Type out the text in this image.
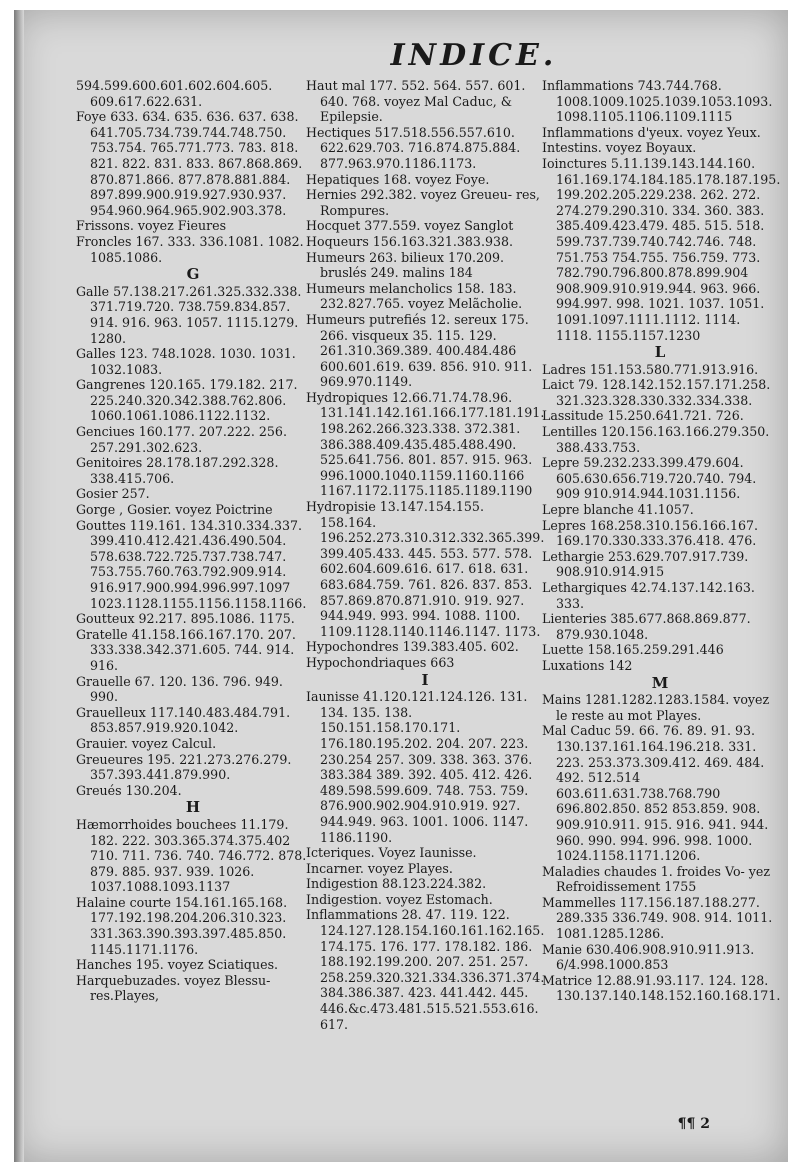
INDICE.
594.599.600.601.602.604.605. 609.617.622.631.
Foye 633. 634. 635. 636. 637. 638. 641.705.734.739.744.748.750. 753.754. 765.771.773. 783. 818. 821. 822. 831. 833. 867.868.869. 870.871.866. 877.878.881.884. 897.899.900.919.927.930.937. 954.960.964.965.902.903.378.
Frissons. voyez Fieures
Froncles 167. 333. 336.1081. 1082. 1085.1086.
G
Galle 57.138.217.261.325.332.338. 371.719.720. 738.759.834.857. 914. 916. 963. 1057. 1115.1279. 1280.
Galles 123. 748.1028. 1030. 1031. 1032.1083.
Gangrenes 120.165. 179.182. 217. 225.240.320.342.388.762.806. 1060.1061.1086.1122.1132.
Genciues 160.177. 207.222. 256. 257.291.302.623.
Genitoires 28.178.187.292.328. 338.415.706.
Gosier 257.
Gorge , Gosier. voyez Poictrine
Gouttes 119.161. 134.310.334.337. 399.410.412.421.436.490.504. 578.638.722.725.737.738.747. 753.755.760.763.792.909.914. 916.917.900.994.996.997.1097 1023.1128.1155.1156.1158.1166.
Goutteux 92.217. 895.1086. 1175.
Gratelle 41.158.166.167.170. 207. 333.338.342.371.605. 744. 914. 916.
Grauelle 67. 120. 136. 796. 949. 990.
Grauelleux 117.140.483.484.791. 853.857.919.920.1042.
Grauier. voyez Calcul.
Greueures 195. 221.273.276.279. 357.393.441.879.990.
Greués 130.204.
H
Hæmorrhoides bouchees 11.179. 182. 222. 303.365.374.375.402 710. 711. 736. 740. 746.772. 878. 879. 885. 937. 939. 1026. 1037.1088.1093.1137
Halaine courte 154.161.165.168. 177.192.198.204.206.310.323. 331.363.390.393.397.485.850. 1145.1171.1176.
Hanches 195. voyez Sciatiques.
Harquebuzades. voyez Blessu- res.Playes,
Haut mal 177. 552. 564. 557. 601. 640. 768. voyez Mal Caduc, & Epilepsie.
Hectiques 517.518.556.557.610. 622.629.703. 716.874.875.884. 877.963.970.1186.1173.
Hepatiques 168. voyez Foye.
Hernies 292.382. voyez Greueu- res, Rompures.
Hocquet 377.559. voyez Sanglot
Hoqueurs 156.163.321.383.938.
Humeurs 263. bilieux 170.209. bruslés 249. malins 184
Humeurs melancholics 158. 183. 232.827.765. voyez Melãcholie.
Humeurs putrefiés 12. sereux 175. 266. visqueux 35. 115. 129. 261.310.369.389. 400.484.486 600.601.619. 639. 856. 910. 911. 969.970.1149.
Hydropiques 12.66.71.74.78.96. 131.141.142.161.166.177.181.191. 198.262.266.323.338. 372.381. 386.388.409.435.485.488.490. 525.641.756. 801. 857. 915. 963. 996.1000.1040.1159.1160.1166 1167.1172.1175.1185.1189.1190
Hydropisie 13.147.154.155. 158.164. 196.252.273.310.312.332.365.399. 399.405.433. 445. 553. 577. 578. 602.604.609.616. 617. 618. 631. 683.684.759. 761. 826. 837. 853. 857.869.870.871.910. 919. 927. 944.949. 993. 994. 1088. 1100. 1109.1128.1140.1146.1147. 1173.
Hypochondres 139.383.405. 602.
Hypochondriaques 663
I
Iaunisse 41.120.121.124.126. 131. 134. 135. 138. 150.151.158.170.171. 176.180.195.202. 204. 207. 223. 230.254 257. 309. 338. 363. 376. 383.384 389. 392. 405. 412. 426. 489.598.599.609. 748. 753. 759. 876.900.902.904.910.919. 927. 944.949. 963. 1001. 1006. 1147. 1186.1190.
Icteriques. Voyez Iaunisse.
Incarner. voyez Playes.
Indigestion 88.123.224.382.
Indigestion. voyez Estomach.
Inflammations 28. 47. 119. 122. 124.127.128.154.160.161.162.165. 174.175. 176. 177. 178.182. 186. 188.192.199.200. 207. 251. 257. 258.259.320.321.334.336.371.374. 384.386.387. 423. 441.442. 445. 446.&c.473.481.515.521.553.616. 617.
Inflammations 743.744.768. 1008.1009.1025.1039.1053.1093. 1098.1105.1106.1109.1115
Inflammations d'yeux. voyez Yeux.
Intestins. voyez Boyaux.
Ioinctures 5.11.139.143.144.160. 161.169.174.184.185.178.187.195. 199.202.205.229.238. 262. 272. 274.279.290.310. 334. 360. 383. 385.409.423.479. 485. 515. 518. 599.737.739.740.742.746. 748. 751.753 754.755. 756.759. 773. 782.790.796.800.878.899.904 908.909.910.919.944. 963. 966. 994.997. 998. 1021. 1037. 1051. 1091.1097.1111.1112. 1114. 1118. 1155.1157.1230
L
Ladres 151.153.580.771.913.916.
Laict 79. 128.142.152.157.171.258. 321.323.328.330.332.334.338.
Lassitude 15.250.641.721. 726.
Lentilles 120.156.163.166.279.350. 388.433.753.
Lepre 59.232.233.399.479.604. 605.630.656.719.720.740. 794. 909 910.914.944.1031.1156.
Lepre blanche 41.1057.
Lepres 168.258.310.156.166.167. 169.170.330.333.376.418. 476.
Lethargie 253.629.707.917.739. 908.910.914.915
Lethargiques 42.74.137.142.163. 333.
Lienteries 385.677.868.869.877. 879.930.1048.
Luette 158.165.259.291.446
Luxations 142
M
Mains 1281.1282.1283.1584. voyez le reste au mot Playes.
Mal Caduc 59. 66. 76. 89. 91. 93. 130.137.161.164.196.218. 331. 223. 253.373.309.412. 469. 484. 492. 512.514 603.611.631.738.768.790 696.802.850. 852 853.859. 908. 909.910.911. 915. 916. 941. 944. 960. 990. 994. 996. 998. 1000. 1024.1158.1171.1206.
Maladies chaudes 1. froides Vo- yez Refroidissement 1755
Mammelles 117.156.187.188.277. 289.335 336.749. 908. 914. 1011. 1081.1285.1286.
Manie 630.406.908.910.911.913. 6/4.998.1000.853
Matrice 12.88.91.93.117. 124. 128. 130.137.140.148.152.160.168.171.
¶¶ 2
